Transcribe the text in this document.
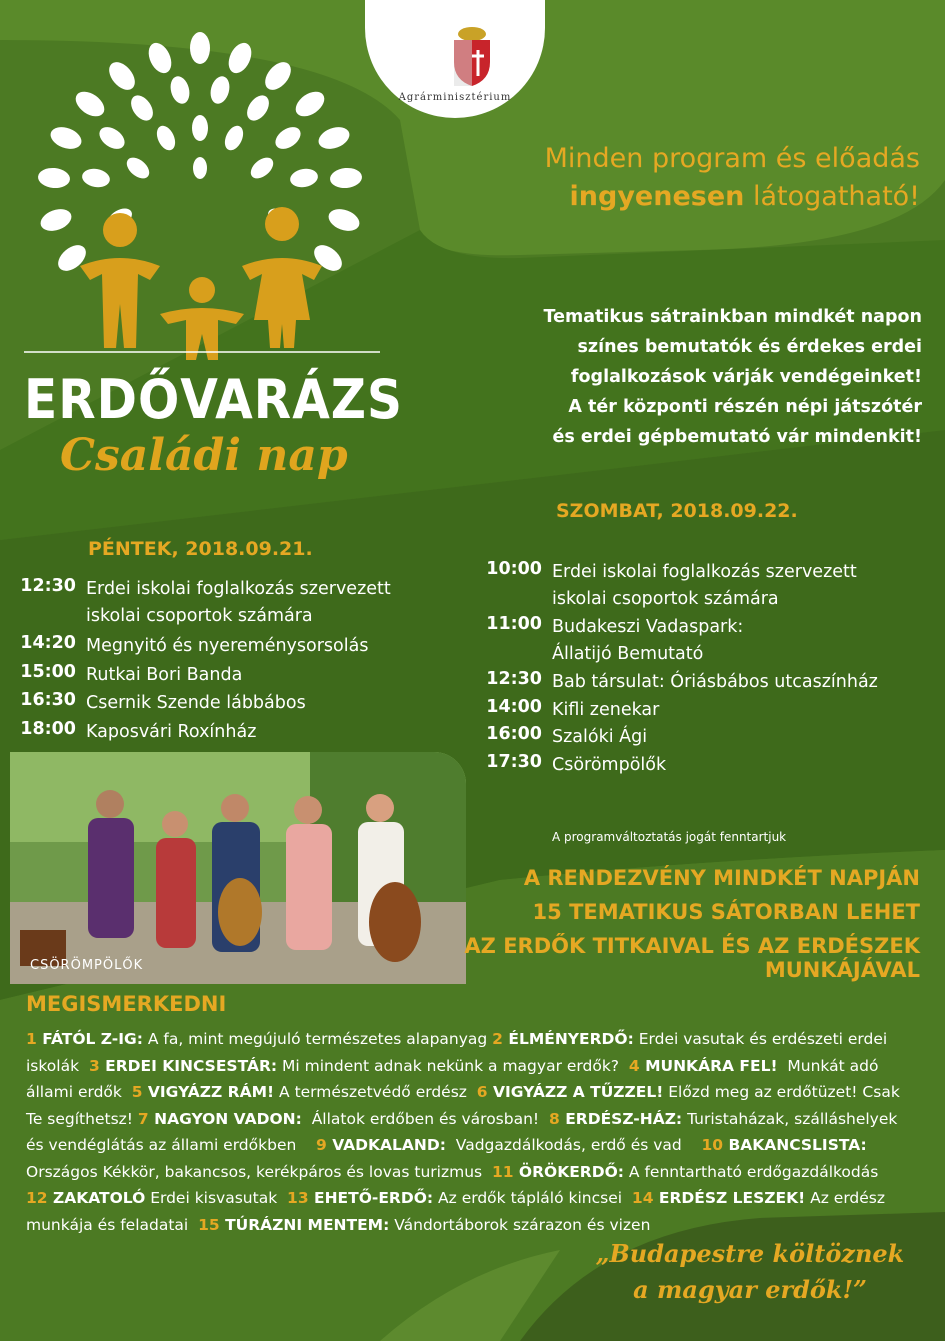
Agrárminisztérium
ERDŐVARÁZS
Családi nap
Minden program és előadás
ingyenesen látogatható!
Tematikus sátrainkban mindkét napon
színes bemutatók és érdekes erdei
foglalkozások várják vendégeinket!
A tér központi részén népi játszótér
és erdei gépbemutató vár mindenkit!
PÉNTEK, 2018.09.21.
12:30 Erdei iskolai foglalkozás szervezett
iskolai csoportok számára
14:20 Megnyitó és nyereménysorsolás
15:00 Rutkai Bori Banda
16:30 Csernik Szende lábbábos
18:00 Kaposvári Roxínház
SZOMBAT, 2018.09.22.
10:00 Erdei iskolai foglalkozás szervezett
iskolai csoportok számára
11:00 Budakeszi Vadaspark:
Állatijó Bemutató
12:30 Bab társulat: Óriásbábos utcaszínház
14:00 Kifli zenekar
16:00 Szalóki Ági
17:30 Csörömpölők
A programváltoztatás jogát fenntartjuk
CSÖRÖMPÖLŐK
A RENDEZVÉNY MINDKÉT NAPJÁN
15 TEMATIKUS SÁTORBAN LEHET
AZ ERDŐK TITKAIVAL ÉS AZ ERDÉSZEK MUNKÁJÁVAL
MEGISMERKEDNI
1 FÁTÓL Z-IG: A fa, mint megújuló természetes alapanyag 2 ÉLMÉNYERDŐ: Erdei vasutak és erdészeti erdei
iskolák  3 ERDEI KINCSESTÁR: Mi mindent adnak nekünk a magyar erdők?  4 MUNKÁRA FEL!  Munkát adó
állami erdők  5 VIGYÁZZ RÁM! A természetvédő erdész  6 VIGYÁZZ A TŰZZEL! Előzd meg az erdőtüzet! Csak
Te segíthetsz! 7 NAGYON VADON:  Állatok erdőben és városban!  8 ERDÉSZ-HÁZ: Turistaházak, szálláshelyek
és vendéglátás az állami erdőkben    9 VADKALAND:  Vadgazdálkodás, erdő és vad    10 BAKANCSLISTA:
Országos Kékkör, bakancsos, kerékpáros és lovas turizmus  11 ÖRÖKERDŐ: A fenntartható erdőgazdálkodás
12 ZAKATOLÓ Erdei kisvasutak  13 EHETŐ-ERDŐ: Az erdők tápláló kincsei  14 ERDÉSZ LESZEK! Az erdész
munkája és feladatai  15 TÚRÁZNI MENTEM: Vándortáborok szárazon és vizen
„Budapestre költöznek
a magyar erdők!”
